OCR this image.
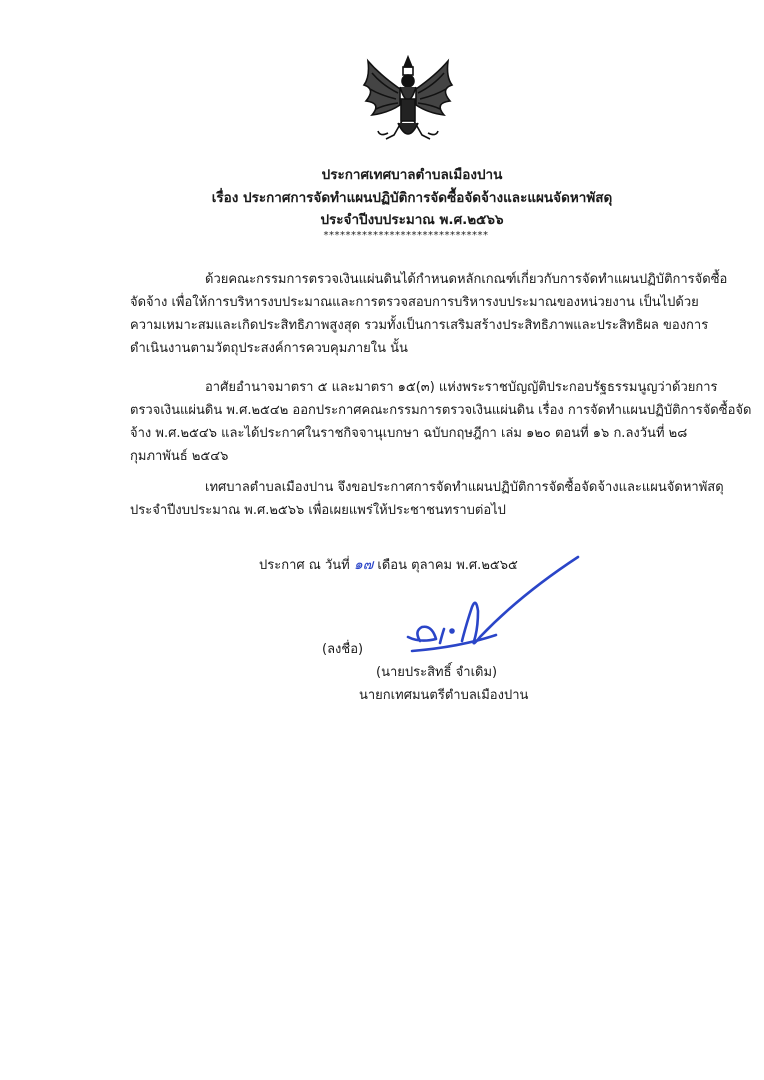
ประกาศเทศบาลตำบลเมืองปาน
เรื่อง ประกาศการจัดทำแผนปฏิบัติการจัดซื้อจัดจ้างและแผนจัดหาพัสดุ
ประจำปีงบประมาณ พ.ศ.๒๕๖๖
******************************
ด้วยคณะกรรมการตรวจเงินแผ่นดินได้กำหนดหลักเกณฑ์เกี่ยวกับการจัดทำแผนปฏิบัติการจัดซื้อ
จัดจ้าง เพื่อให้การบริหารงบประมาณและการตรวจสอบการบริหารงบประมาณของหน่วยงาน เป็นไปด้วย
ความเหมาะสมและเกิดประสิทธิภาพสูงสุด รวมทั้งเป็นการเสริมสร้างประสิทธิภาพและประสิทธิผล ของการ
ดำเนินงานตามวัตถุประสงค์การควบคุมภายใน นั้น
อาศัยอำนาจมาตรา ๕ และมาตรา ๑๕(๓) แห่งพระราชบัญญัติประกอบรัฐธรรมนูญว่าด้วยการ
ตรวจเงินแผ่นดิน พ.ศ.๒๕๔๒ ออกประกาศคณะกรรมการตรวจเงินแผ่นดิน เรื่อง การจัดทำแผนปฏิบัติการจัดซื้อจัด
จ้าง พ.ศ.๒๕๔๖ และได้ประกาศในราชกิจจานุเบกษา ฉบับกฤษฎีกา เล่ม ๑๒๐ ตอนที่ ๑๖ ก.ลงวันที่ ๒๘
กุมภาพันธ์ ๒๕๔๖
เทศบาลตำบลเมืองปาน จึงขอประกาศการจัดทำแผนปฏิบัติการจัดซื้อจัดจ้างและแผนจัดหาพัสดุ
ประจำปีงบประมาณ พ.ศ.๒๕๖๖ เพื่อเผยแพร่ให้ประชาชนทราบต่อไป
ประกาศ ณ วันที่ ๑๗ เดือน ตุลาคม พ.ศ.๒๕๖๕
(ลงชื่อ)
(นายประสิทธิ์ จำเดิม)
นายกเทศมนตรีตำบลเมืองปาน
